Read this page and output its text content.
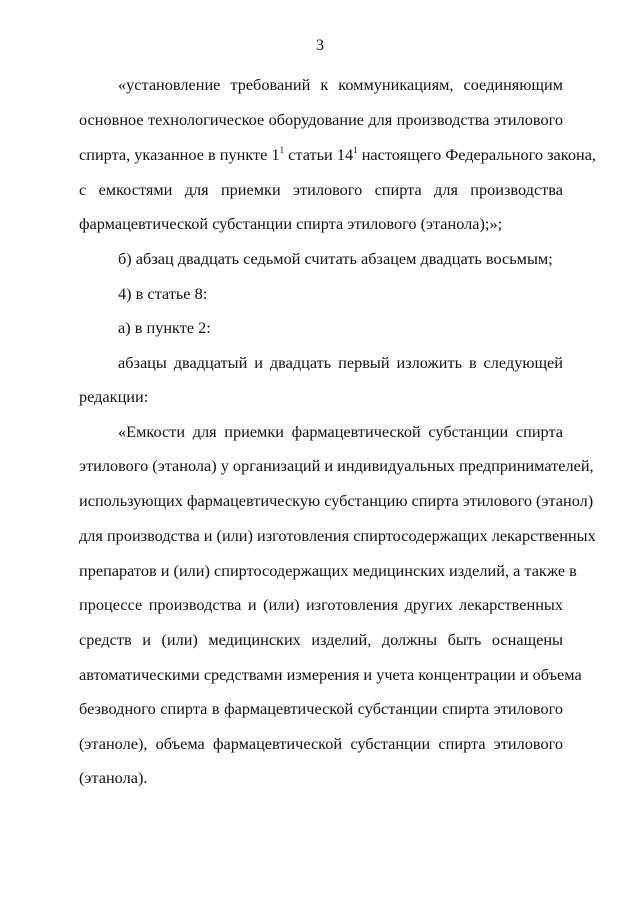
3
«установление требований к коммуникациям, соединяющим
основное технологическое оборудование для производства этилового
спирта, указанное в пункте $1^1$ статьи $14^1$ настоящего Федерального закона,
с емкостями для приемки этилового спирта для производства
фармацевтической субстанции спирта этилового (этанола);»;
б) абзац двадцать седьмой считать абзацем двадцать восьмым;
4) в статье 8:
а) в пункте 2:
абзацы двадцатый и двадцать первый изложить в следующей
редакции:
«Емкости для приемки фармацевтической субстанции спирта
этилового (этанола) у организаций и индивидуальных предпринимателей,
использующих фармацевтическую субстанцию спирта этилового (этанол)
для производства и (или) изготовления спиртосодержащих лекарственных
препаратов и (или) спиртосодержащих медицинских изделий, а также в
процессе производства и (или) изготовления других лекарственных
средств и (или) медицинских изделий, должны быть оснащены
автоматическими средствами измерения и учета концентрации и объема
безводного спирта в фармацевтической субстанции спирта этилового
(этаноле), объема фармацевтической субстанции спирта этилового
(этанола).
